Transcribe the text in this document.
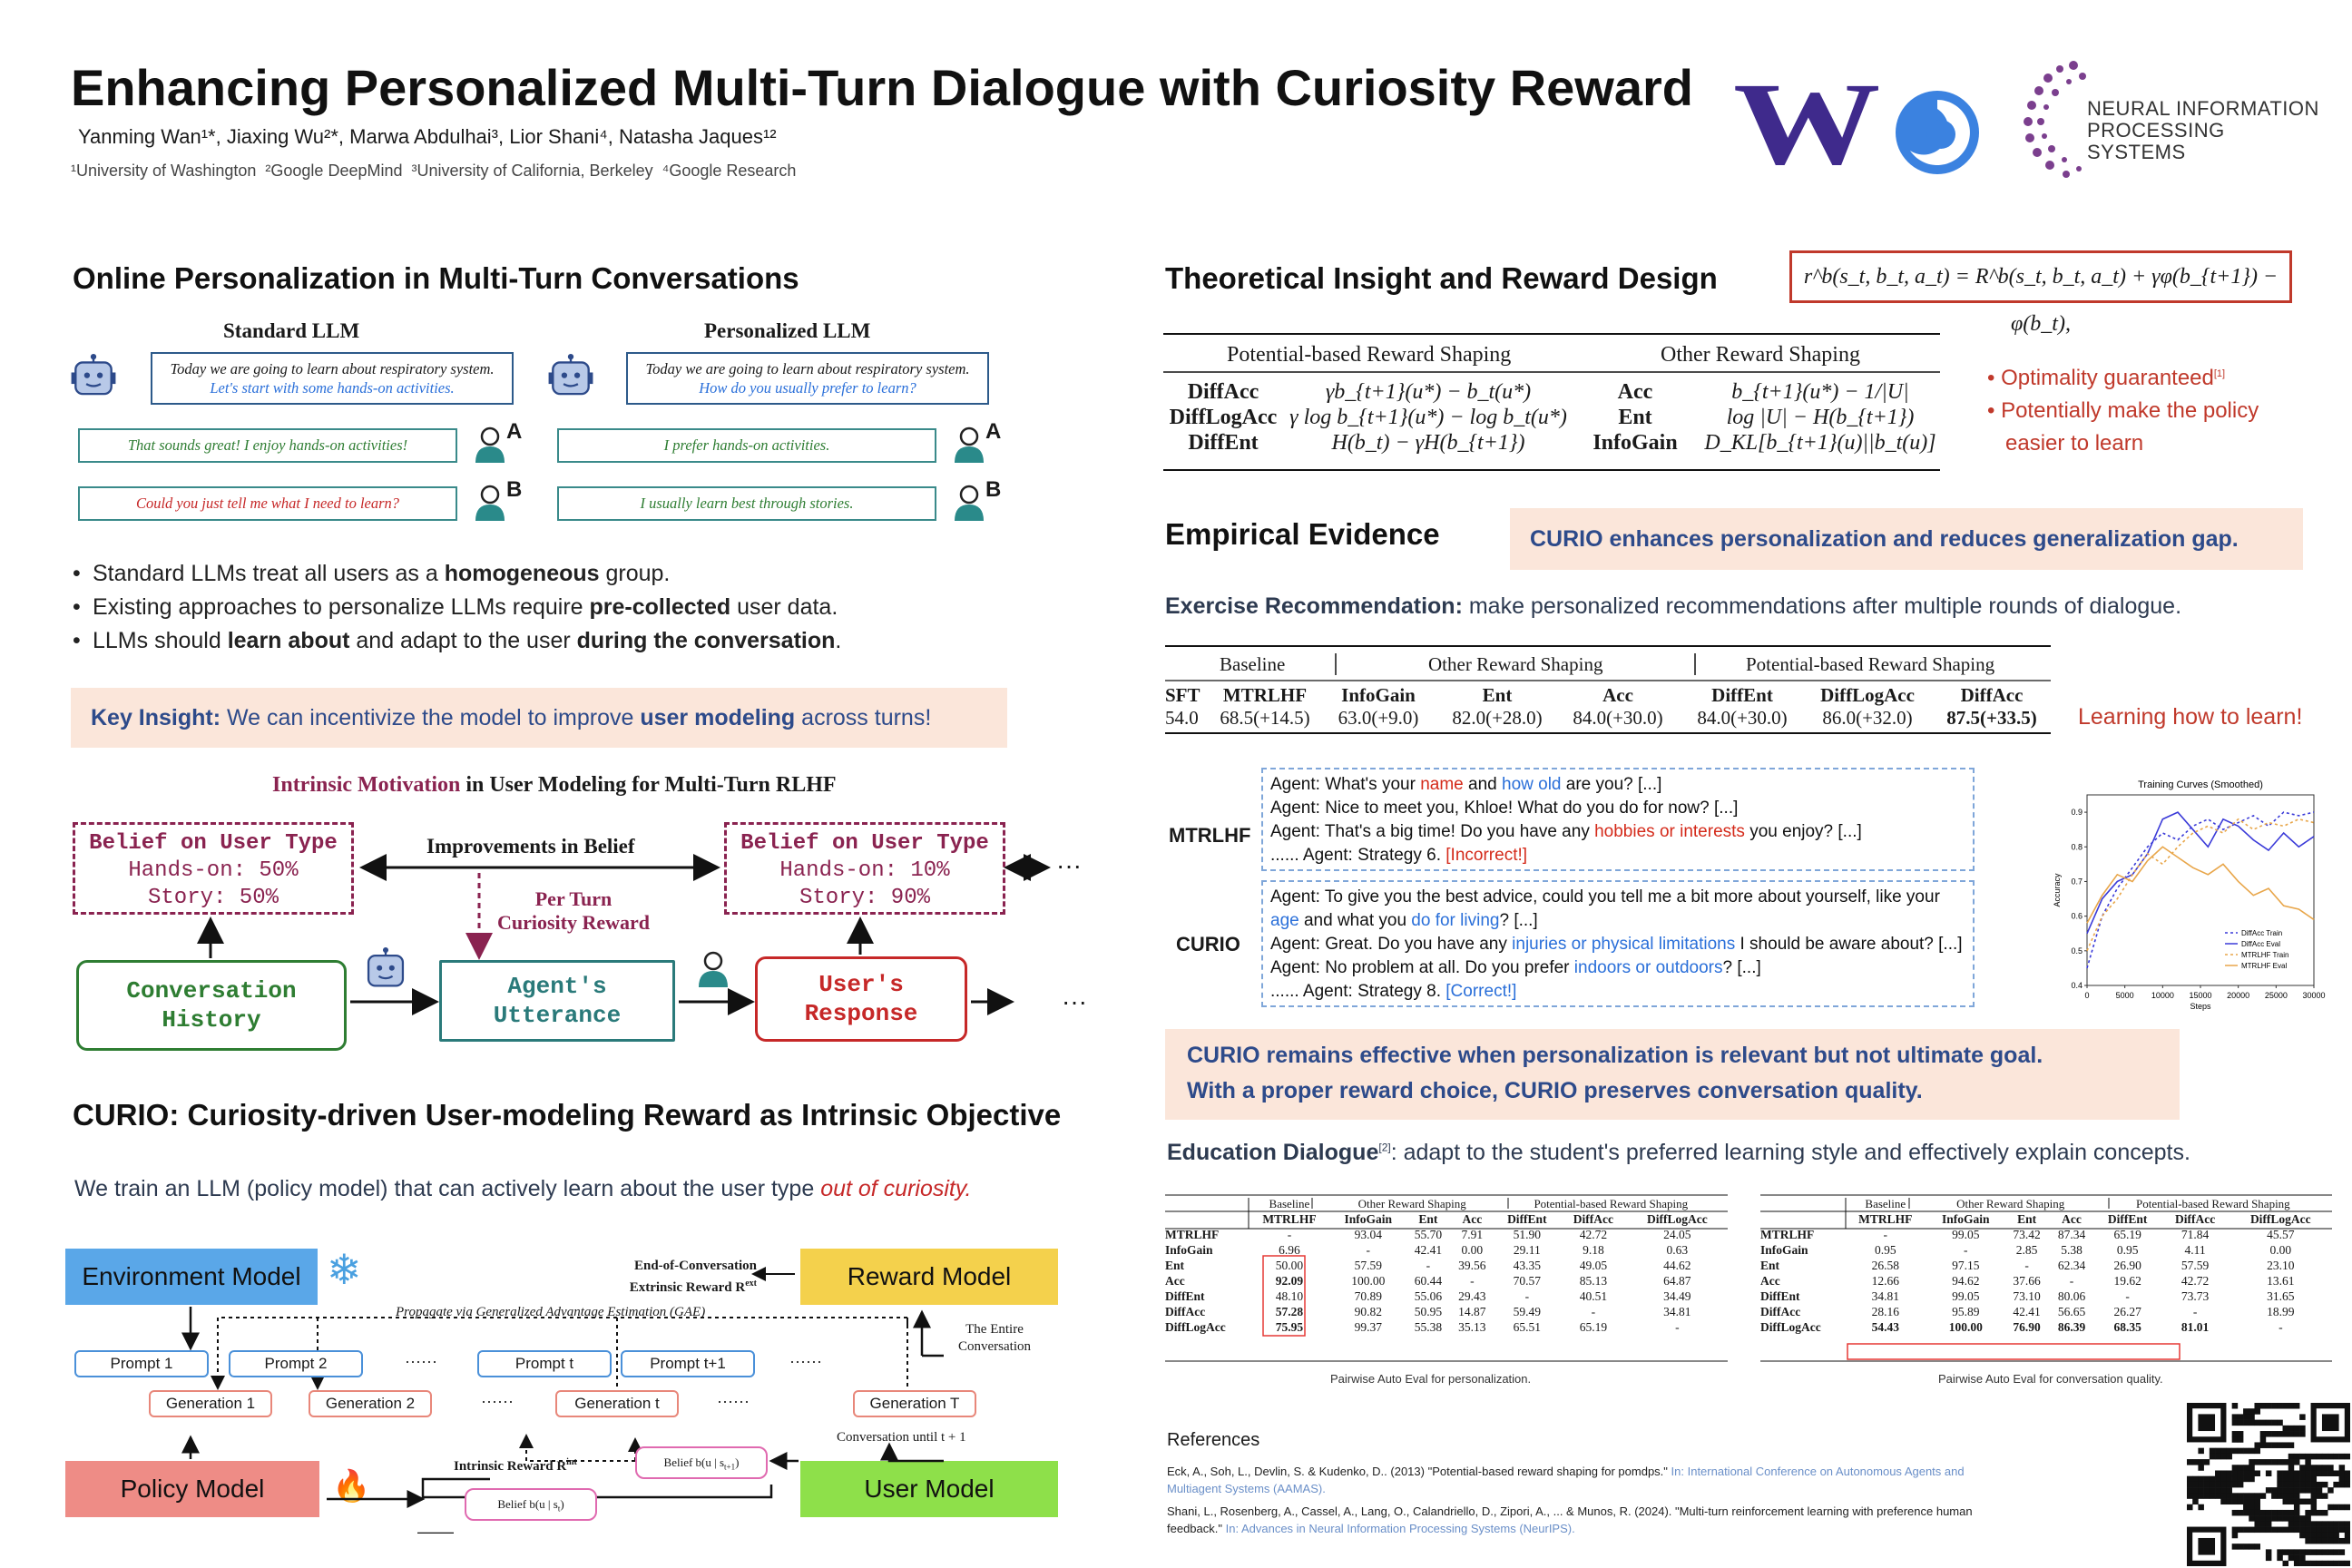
Enhancing Personalized Multi-Turn Dialogue with Curiosity Reward
Yanming Wan¹*, Jiaxing Wu²*, Marwa Abdulhai³, Lior Shani⁴, Natasha Jaques¹²
¹University of Washington  ²Google DeepMind  ³University of California, Berkeley  ⁴Google Research	W	NEURAL INFORMATION PROCESSING SYSTEMS
Online Personalization in Multi-Turn Conversations
Standard LLM	Personalized LLM
Today we are going to learn about respiratory system. Let's start with some hands-on activities.
Today we are going to learn about respiratory system. How do you usually prefer to learn?
That sounds great! I enjoy hands-on activities!
Could you just tell me what I need to learn?
I prefer hands-on activities.
I usually learn best through stories.
A
B
A
B
• Standard LLMs treat all users as a homogeneous group.
• Existing approaches to personalize LLMs require pre-collected user data.
• LLMs should learn about and adapt to the user during the conversation.
Key Insight: We can incentivize the model to improve user modeling across turns!
Intrinsic Motivation in User Modeling for Multi-Turn RLHF
Belief on User Type
Hands-on: 50%
Story: 50%
Belief on User Type
Hands-on: 10%
Story: 90%
Improvements in Belief
Per Turn
Curiosity Reward
Conversation
History
Agent's
Utterance
User's
Response
···
···
CURIO: Curiosity-driven User-modeling Reward as Intrinsic Objective
We train an LLM (policy model) that can actively learn about the user type out of curiosity.
Environment Model ❄	Reward Model
Policy Model	🔥	User Model
End-of-Conversation
Extrinsic Reward $R^{ext}$
Propagate via Generalized Advantage Estimation (GAE)
The Entire
Conversation
Prompt 1	Prompt 2	······	Prompt t	Prompt t+1	······
Generation 1	Generation 2	······	Generation t	······	Generation T
Conversation until t + 1
Intrinsic Reward $R^{int}$	Belief b(u | $s_{t+1}$)
Belief b(u | $s_t$)
Theoretical Insight and Reward Design	r^b(s_t, b_t, a_t) = R^b(s_t, b_t, a_t) + γφ(b_{t+1}) − φ(b_t),
Potential-based Reward Shaping	Other Reward Shaping
DiffAcc	γb_{t+1}(u*) − b_t(u*)	Acc	b_{t+1}(u*) − 1/|U|
DiffLogAcc	γ log b_{t+1}(u*) − log b_t(u*)	Ent	log |U| − H(b_{t+1})
DiffEnt	H(b_t) − γH(b_{t+1})	InfoGain	D_KL[b_{t+1}(u)||b_t(u)]
• Optimality guaranteed[1]
• Potentially make the policy
easier to learn
Empirical Evidence	CURIO enhances personalization and reduces generalization gap.
Exercise Recommendation: make personalized recommendations after multiple rounds of dialogue.
Baseline	Other Reward Shaping	Potential-based Reward Shaping
SFT	MTRLHF	InfoGain	Ent	Acc	DiffEnt	DiffLogAcc	DiffAcc
54.0	68.5(+14.5)	63.0(+9.0)	82.0(+28.0)	84.0(+30.0)	84.0(+30.0)	86.0(+32.0)	87.5(+33.5) Learning how to learn!
MTRLHF
Agent: What's your name and how old are you? [...]
Agent: Nice to meet you, Khloe! What do you do for now? [...]
Agent: That's a big time! Do you have any hobbies or interests you enjoy? [...]
...... Agent: Strategy 6. [Incorrect!]
CURIO
Agent: To give you the best advice, could you tell me a bit more about yourself, like your
age and what you do for living? [...]
Agent: Great. Do you have any injuries or physical limitations I should be aware about? [...]
Agent: No problem at all. Do you prefer indoors or outdoors? [...]
...... Agent: Strategy 8. [Correct!]
Training Curves (Smoothed)
0	5000 10000 15000 20000 25000 30000
0.4
0.5
0.6
0.7
0.8
0.9
Steps
Accuracy
DiffAcc Train
DiffAcc Eval
MTRLHF Train
MTRLHF Eval
CURIO remains effective when personalization is relevant but not ultimate goal.
With a proper reward choice, CURIO preserves conversation quality.
Education Dialogue[2]: adapt to the student's preferred learning style and effectively explain concepts.
	Baseline	Other Reward Shaping			Potential-based Reward Shaping		
	MTRLHF	InfoGain	Ent	Acc	DiffEnt	DiffAcc	DiffLogAcc
MTRLHF	-	93.04	55.70	7.91	51.90	42.72	24.05
InfoGain	6.96	-	42.41	0.00	29.11	9.18	0.63
Ent	50.00	57.59	-	39.56	43.35	49.05	44.62
Acc	92.09	100.00	60.44	-	70.57	85.13	64.87
DiffEnt	48.10	70.89	55.06	29.43	-	40.51	34.49
DiffAcc	57.28	90.82	50.95	14.87	59.49	-	34.81
DiffLogAcc	75.95	99.37	55.38	35.13	65.51	65.19	-
Pairwise Auto Eval for personalization.
	Baseline	Other Reward Shaping			Potential-based Reward Shaping		
	MTRLHF	InfoGain	Ent	Acc	DiffEnt	DiffAcc	DiffLogAcc
MTRLHF	-	99.05	73.42	87.34	65.19	71.84	45.57
InfoGain	0.95	-	2.85	5.38	0.95	4.11	0.00
Ent	26.58	97.15	-	62.34	26.90	57.59	23.10
Acc	12.66	94.62	37.66	-	19.62	42.72	13.61
DiffEnt	34.81	99.05	73.10	80.06	-	73.73	31.65
DiffAcc	28.16	95.89	42.41	56.65	26.27	-	18.99
DiffLogAcc	54.43	100.00	76.90	86.39	68.35	81.01	-
Pairwise Auto Eval for conversation quality.
References
Eck, A., Soh, L., Devlin, S. & Kudenko, D.. (2013) "Potential-based reward shaping for pomdps." In: International Conference on Autonomous Agents and Multiagent Systems (AAMAS).
Shani, L., Rosenberg, A., Cassel, A., Lang, O., Calandriello, D., Zipori, A., ... & Munos, R. (2024). "Multi-turn reinforcement learning with preference human feedback." In: Advances in Neural Information Processing Systems (NeurIPS).
